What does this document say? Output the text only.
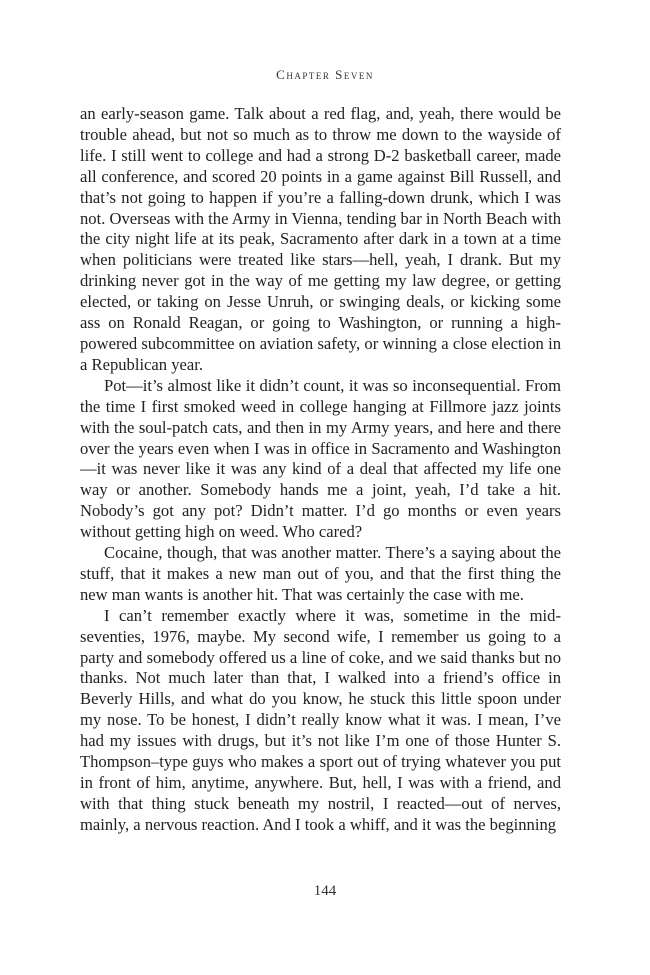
Chapter Seven

an early-season game. Talk about a red flag, and, yeah, there would be trouble ahead, but not so much as to throw me down to the wayside of life. I still went to college and had a strong D-2 basketball career, made all conference, and scored 20 points in a game against Bill Russell, and that’s not going to happen if you’re a falling-down drunk, which I was not. Overseas with the Army in Vienna, tending bar in North Beach with the city night life at its peak, Sacramento after dark in a town at a time when politicians were treated like stars—hell, yeah, I drank. But my drinking never got in the way of me getting my law degree, or getting elected, or taking on Jesse Unruh, or swinging deals, or kicking some ass on Ronald Reagan, or going to Washington, or running a high-powered subcommittee on aviation safety, or winning a close election in a Republican year.

Pot—it’s almost like it didn’t count, it was so inconsequential. From the time I first smoked weed in college hanging at Fillmore jazz joints with the soul-patch cats, and then in my Army years, and here and there over the years even when I was in office in Sacramento and Washington—it was never like it was any kind of a deal that affected my life one way or another. Somebody hands me a joint, yeah, I’d take a hit. Nobody’s got any pot? Didn’t matter. I’d go months or even years without getting high on weed. Who cared?

Cocaine, though, that was another matter. There’s a saying about the stuff, that it makes a new man out of you, and that the first thing the new man wants is another hit. That was certainly the case with me.

I can’t remember exactly where it was, sometime in the mid-seventies, 1976, maybe. My second wife, I remember us going to a party and somebody offered us a line of coke, and we said thanks but no thanks. Not much later than that, I walked into a friend’s office in Beverly Hills, and what do you know, he stuck this little spoon under my nose. To be honest, I didn’t really know what it was. I mean, I’ve had my issues with drugs, but it’s not like I’m one of those Hunter S. Thompson–type guys who makes a sport out of trying whatever you put in front of him, anytime, anywhere. But, hell, I was with a friend, and with that thing stuck beneath my nostril, I reacted—out of nerves, mainly, a nervous reaction. And I took a whiff, and it was the beginning

144
